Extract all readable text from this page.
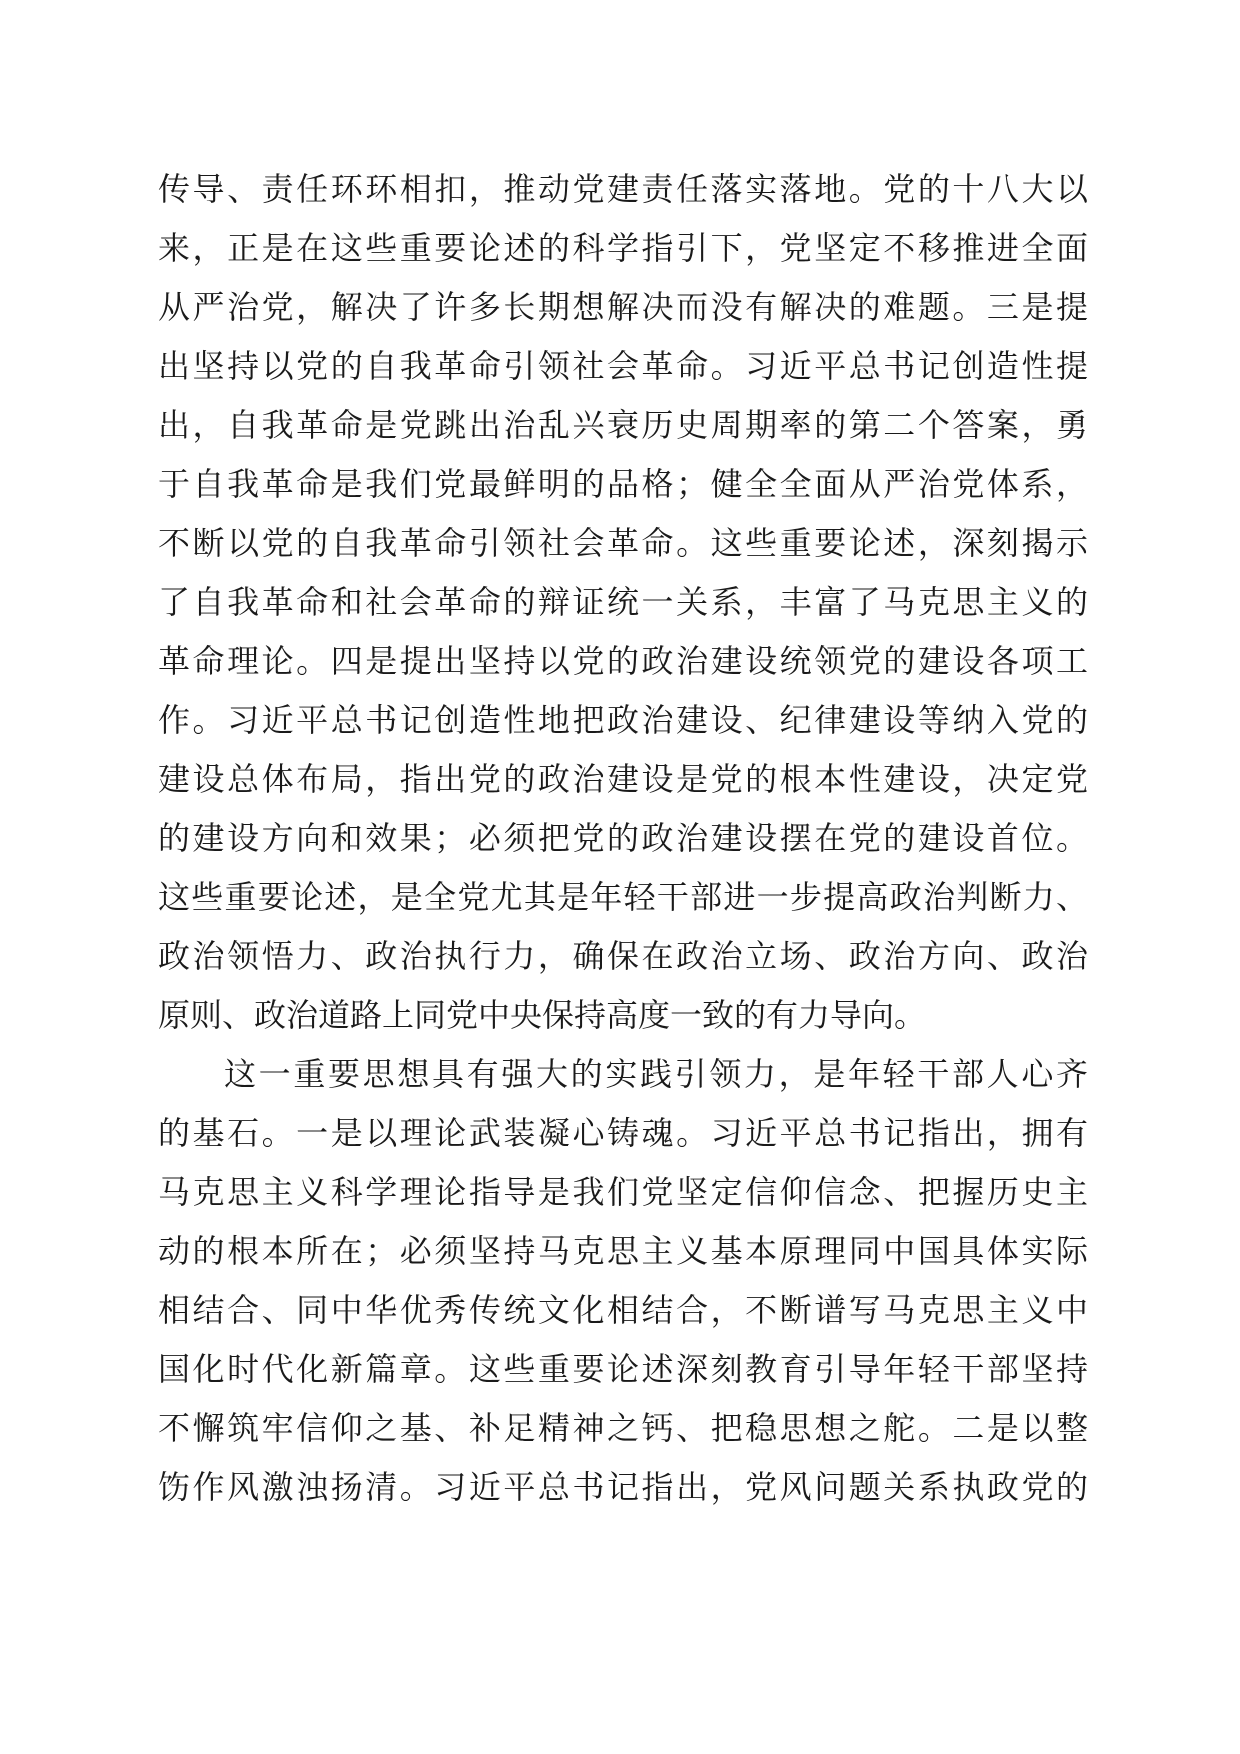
传导、责任环环相扣，推动党建责任落实落地。党的十八大以
来，正是在这些重要论述的科学指引下，党坚定不移推进全面
从严治党，解决了许多长期想解决而没有解决的难题。三是提
出坚持以党的自我革命引领社会革命。习近平总书记创造性提
出，自我革命是党跳出治乱兴衰历史周期率的第二个答案，勇
于自我革命是我们党最鲜明的品格；健全全面从严治党体系，
不断以党的自我革命引领社会革命。这些重要论述，深刻揭示
了自我革命和社会革命的辩证统一关系，丰富了马克思主义的
革命理论。四是提出坚持以党的政治建设统领党的建设各项工
作。习近平总书记创造性地把政治建设、纪律建设等纳入党的
建设总体布局，指出党的政治建设是党的根本性建设，决定党
的建设方向和效果；必须把党的政治建设摆在党的建设首位。
这些重要论述，是全党尤其是年轻干部进一步提高政治判断力、
政治领悟力、政治执行力，确保在政治立场、政治方向、政治
原则、政治道路上同党中央保持高度一致的有力导向。
这一重要思想具有强大的实践引领力，是年轻干部人心齐
的基石。一是以理论武装凝心铸魂。习近平总书记指出，拥有
马克思主义科学理论指导是我们党坚定信仰信念、把握历史主
动的根本所在；必须坚持马克思主义基本原理同中国具体实际
相结合、同中华优秀传统文化相结合，不断谱写马克思主义中
国化时代化新篇章。这些重要论述深刻教育引导年轻干部坚持
不懈筑牢信仰之基、补足精神之钙、把稳思想之舵。二是以整
饬作风激浊扬清。习近平总书记指出，党风问题关系执政党的
